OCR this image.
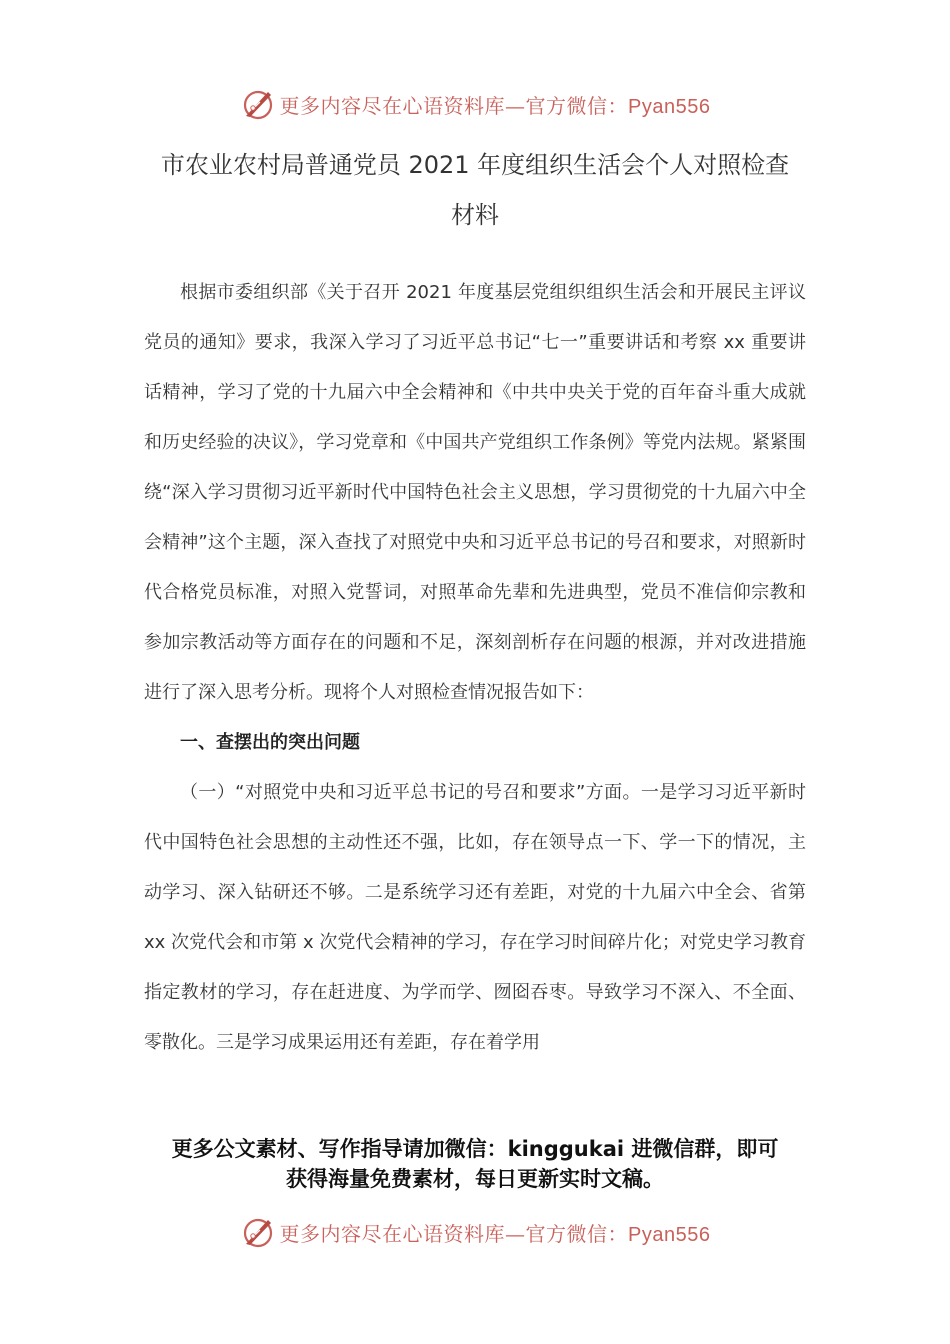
更多内容尽在心语资料库—官方微信：Pyan556
市农业农村局普通党员 2021 年度组织生活会个人对照检查
材料

根据市委组织部《关于召开 2021 年度基层党组织组织生活会和开展民主评议党员的通知》要求，我深入学习了习近平总书记“七一”重要讲话和考察 xx 重要讲话精神，学习了党的十九届六中全会精神和《中共中央关于党的百年奋斗重大成就和历史经验的决议》，学习党章和《中国共产党组织工作条例》等党内法规。紧紧围绕“深入学习贯彻习近平新时代中国特色社会主义思想，学习贯彻党的十九届六中全会精神”这个主题，深入查找了对照党中央和习近平总书记的号召和要求，对照新时代合格党员标准，对照入党誓词，对照革命先辈和先进典型，党员不准信仰宗教和参加宗教活动等方面存在的问题和不足，深刻剖析存在问题的根源，并对改进措施进行了深入思考分析。现将个人对照检查情况报告如下：

一、查摆出的突出问题

（一）“对照党中央和习近平总书记的号召和要求”方面。一是学习习近平新时代中国特色社会思想的主动性还不强，比如，存在领导点一下、学一下的情况，主动学习、深入钻研还不够。二是系统学习还有差距，对党的十九届六中全会、省第 xx 次党代会和市第 x 次党代会精神的学习，存在学习时间碎片化；对党史学习教育指定教材的学习，存在赶进度、为学而学、囫囵吞枣。导致学习不深入、不全面、零散化。三是学习成果运用还有差距，存在着学用

更多公文素材、写作指导请加微信：kinggukai 进微信群，即可
获得海量免费素材，每日更新实时文稿。
更多内容尽在心语资料库—官方微信：Pyan556
